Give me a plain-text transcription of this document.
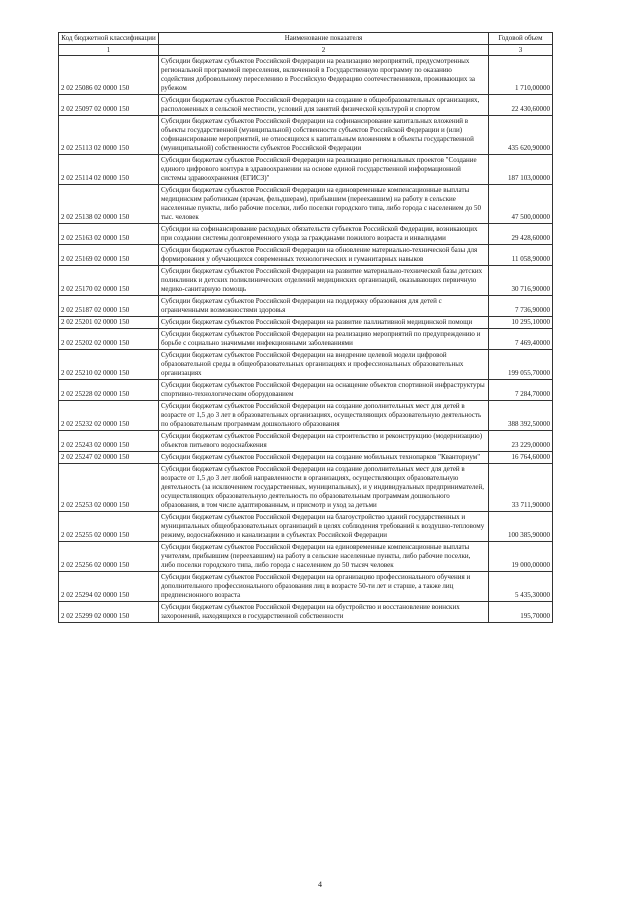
Код бюджетной классификации	Наименование показателя	Годовой объем
1	2	3
2 02 25086 02 0000 150	Субсидии бюджетам субъектов Российской Федерации на реализацию мероприятий, предусмотренных региональной программой переселения, включенной в Государственную программу по оказанию содействия добровольному переселению в Российскую Федерацию соотечественников, проживающих за рубежом	1 710,00000
2 02 25097 02 0000 150	Субсидии бюджетам субъектов Российской Федерации на создание в общеобразовательных организациях, расположенных в сельской местности, условий для занятий физической культурой и спортом	22 430,60000
2 02 25113 02 0000 150	Субсидии бюджетам субъектов Российской Федерации на софинансирование капитальных вложений в объекты государственной (муниципальной) собственности субъектов Российской Федерации и (или) софинансирование мероприятий, не относящихся к капитальным вложениям в объекты государственной (муниципальной) собственности субъектов Российской Федерации	435 620,90000
2 02 25114 02 0000 150	Субсидии бюджетам субъектов Российской Федерации на реализацию региональных проектов "Создание единого цифрового контура в здравоохранении на основе единой государственной информационной системы здравоохранения (ЕГИСЗ)"	187 103,00000
2 02 25138 02 0000 150	Субсидии бюджетам субъектов Российской Федерации на единовременные компенсационные выплаты медицинским работникам (врачам, фельдшерам), прибывшим (переехавшим) на работу в сельские населенные пункты, либо рабочие поселки, либо поселки городского типа, либо города с населением до 50 тыс. человек	47 500,00000
2 02 25163 02 0000 150	Субсидии на софинансирование расходных обязательств субъектов Российской Федерации, возникающих при создании системы долговременного ухода за гражданами пожилого возраста и инвалидами	29 428,60000
2 02 25169 02 0000 150	Субсидии бюджетам субъектов Российской Федерации на обновление материально-технической базы для формирования у обучающихся современных технологических и гуманитарных навыков	11 058,90000
2 02 25170 02 0000 150	Субсидии бюджетам субъектов Российской Федерации на развитие материально-технической базы детских поликлиник и детских поликлинических отделений медицинских организаций, оказывающих первичную медико-санитарную помощь	30 716,90000
2 02 25187 02 0000 150	Субсидии бюджетам субъектов Российской Федерации на поддержку образования для детей с ограниченными возможностями здоровья	7 736,90000
2 02 25201 02 0000 150	Субсидии бюджетам субъектов Российской Федерации на развитие паллиативной медицинской помощи	10 295,10000
2 02 25202 02 0000 150	Субсидии бюджетам субъектов Российской Федерации на реализацию мероприятий по предупреждению и борьбе с социально значимыми инфекционными заболеваниями	7 469,40000
2 02 25210 02 0000 150	Субсидии бюджетам субъектов Российской Федерации на внедрение целевой модели цифровой образовательной среды в общеобразовательных организациях и профессиональных образовательных организациях	199 055,70000
2 02 25228 02 0000 150	Субсидии бюджетам субъектов Российской Федерации на оснащение объектов спортивной инфраструктуры спортивно-технологическим оборудованием	7 284,70000
2 02 25232 02 0000 150	Субсидии бюджетам субъектов Российской Федерации на создание дополнительных мест для детей в возрасте от 1,5 до 3 лет в образовательных организациях, осуществляющих образовательную деятельность по образовательным программам дошкольного образования	388 392,50000
2 02 25243 02 0000 150	Субсидии бюджетам субъектов Российской Федерации на строительство и реконструкцию (модернизацию) объектов питьевого водоснабжения	23 229,00000
2 02 25247 02 0000 150	Субсидии бюджетам субъектов Российской Федерации на создание мобильных технопарков "Кванториум"	16 764,60000
2 02 25253 02 0000 150	Субсидии бюджетам субъектов Российской Федерации на создание дополнительных мест для детей в возрасте от 1,5 до 3 лет любой направленности в организациях, осуществляющих образовательную деятельность (за исключением государственных, муниципальных), и у индивидуальных предпринимателей, осуществляющих образовательную деятельность по образовательным программам дошкольного образования, в том числе адаптированным, и присмотр и уход за детьми	33 711,90000
2 02 25255 02 0000 150	Субсидии бюджетам субъектов Российской Федерации на благоустройство зданий государственных и муниципальных общеобразовательных организаций в целях соблюдения требований к воздушно-тепловому режиму, водоснабжению и канализации в субъектах Российской Федерации	100 385,90000
2 02 25256 02 0000 150	Субсидии бюджетам субъектов Российской Федерации на единовременные компенсационные выплаты учителям, прибывшим (переехавшим) на работу в сельские населенные пункты, либо рабочие поселки, либо поселки городского типа, либо города с населением до 50 тысяч человек	19 000,00000
2 02 25294 02 0000 150	Субсидии бюджетам субъектов Российской Федерации на организацию профессионального обучения и дополнительного профессионального образования лиц в возрасте 50-ти лет и старше, а также лиц предпенсионного возраста	5 435,30000
2 02 25299 02 0000 150	Субсидии бюджетам субъектов Российской Федерации на обустройство и восстановление воинских захоронений, находящихся в государственной собственности	195,70000
4
